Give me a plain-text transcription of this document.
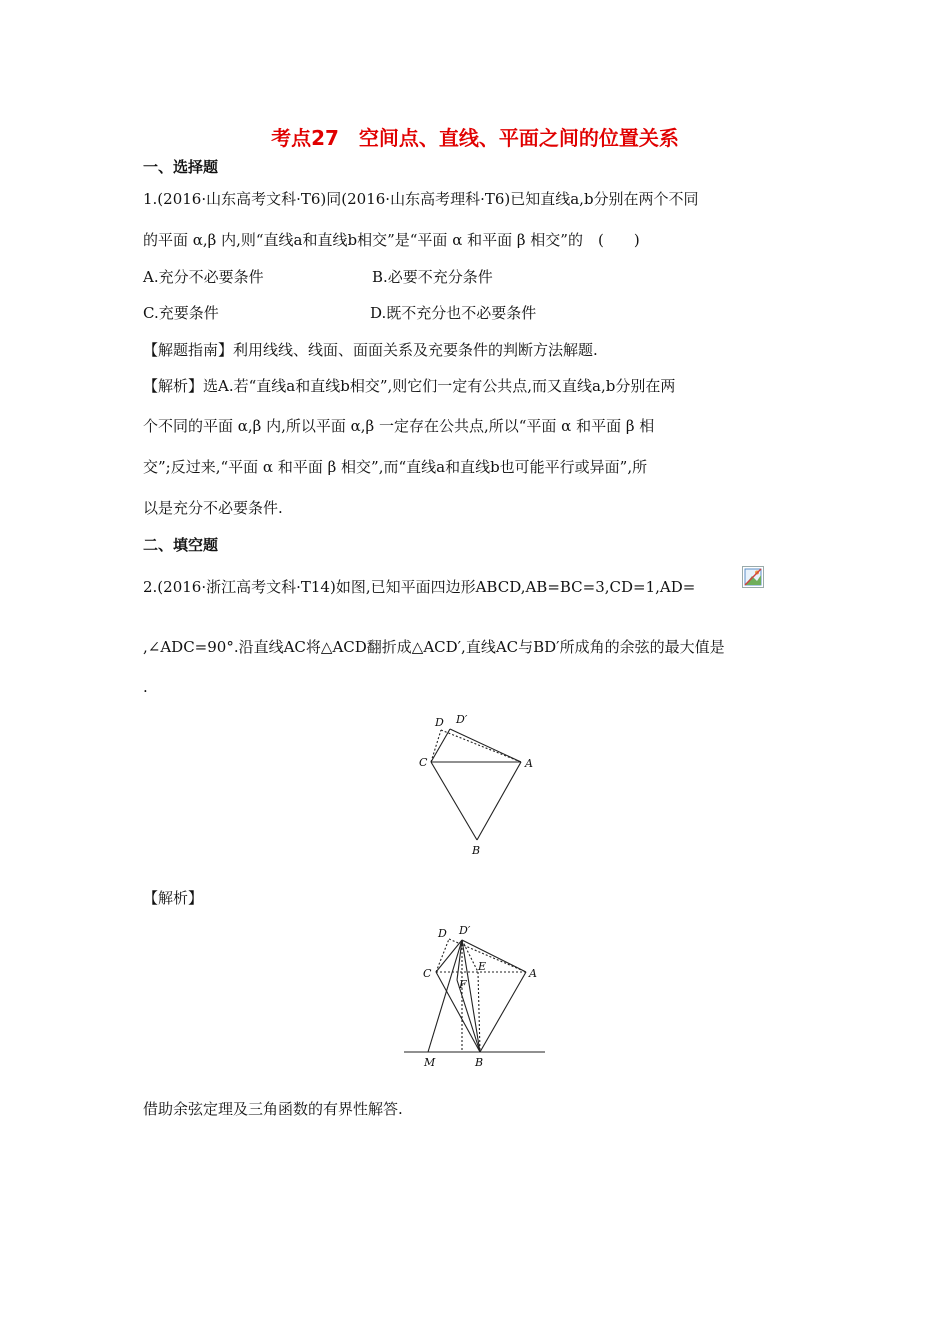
考点27　空间点、直线、平面之间的位置关系
一、选择题
1.(2016·山东高考文科·T6)同(2016·山东高考理科·T6)已知直线a,b分别在两个不同
的平面 α,β 内,则“直线a和直线b相交”是“平面 α 和平面 β 相交”的　(　　)
A.充分不必要条件	B.必要不充分条件
C.充要条件	D.既不充分也不必要条件
【解题指南】利用线线、线面、面面关系及充要条件的判断方法解题.
【解析】选A.若“直线a和直线b相交”,则它们一定有公共点,而又直线a,b分别在两
个不同的平面 α,β 内,所以平面 α,β 一定存在公共点,所以“平面 α 和平面 β 相
交”;反过来,“平面 α 和平面 β 相交”,而“直线a和直线b也可能平行或异面”,所
以是充分不必要条件.
二、填空题
2.(2016·浙江高考文科·T14)如图,已知平面四边形ABCD,AB=BC=3,CD=1,AD=
,∠ADC=90°.沿直线AC将△ACD翻折成△ACD′,直线AC与BD′所成角的余弦的最大值是
.
D D′
C	A
B
【解析】
D D′
C
E
A
F
M	B
借助余弦定理及三角函数的有界性解答.
